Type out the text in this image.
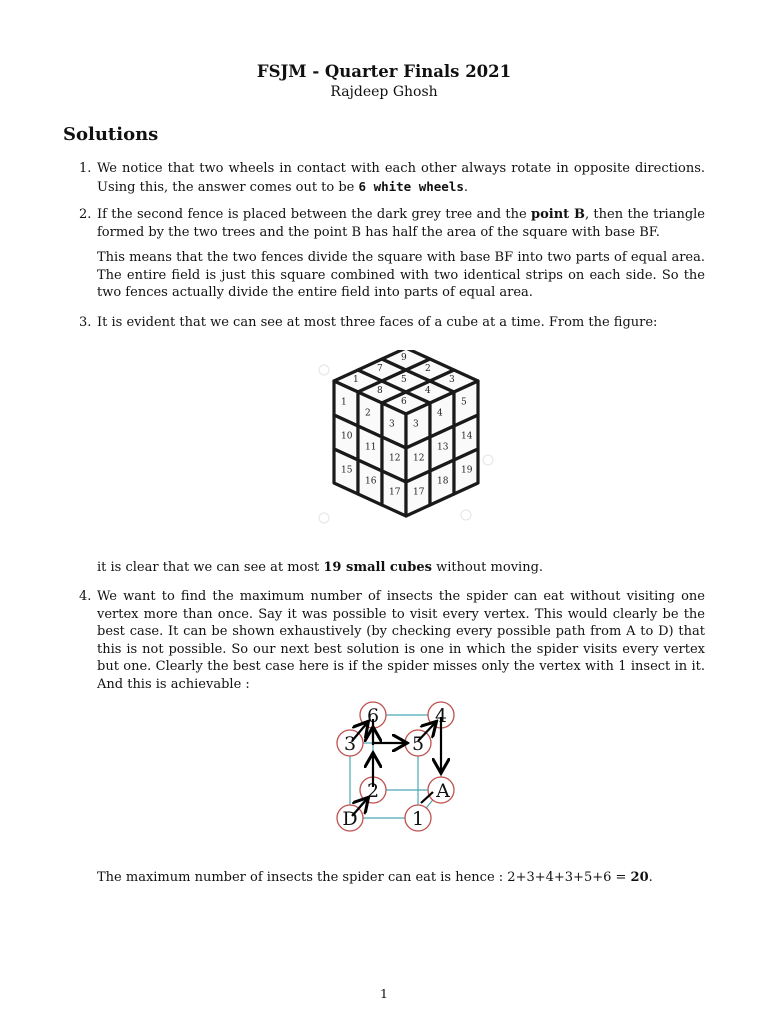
FSJM - Quarter Finals 2021
Rajdeep Ghosh
Solutions
1. We notice that two wheels in contact with each other always rotate in opposite directions. Using this, the answer comes out to be 6 white wheels.
2. If the second fence is placed between the dark grey tree and the point B, then the triangle formed by the two trees and the point B has half the area of the square with base BF.
This means that the two fences divide the square with base BF into two parts of equal area. The entire field is just this square combined with two identical strips on each side. So the two fences actually divide the entire field into parts of equal area.
3. It is evident that we can see at most three faces of a cube at a time. From the figure:
1
7
9
8
5
2
6
4
3
1
2
3
10
11
12
15
16
17
3
4
5
12
13
14
17
18
19
it is clear that we can see at most 19 small cubes without moving.
4. We want to find the maximum number of insects the spider can eat without visiting one vertex more than once. Say it was possible to visit every vertex. This would clearly be the best case. It can be shown exhaustively (by checking every possible path from A to D) that this is not possible. So our next best solution is one in which the spider visits every vertex but one. Clearly the best case here is if the spider misses only the vertex with 1 insect in it. And this is achievable :
6	4
3	5
2	A
D	1
The maximum number of insects the spider can eat is hence : 2+3+4+3+5+6 = 20.
1
